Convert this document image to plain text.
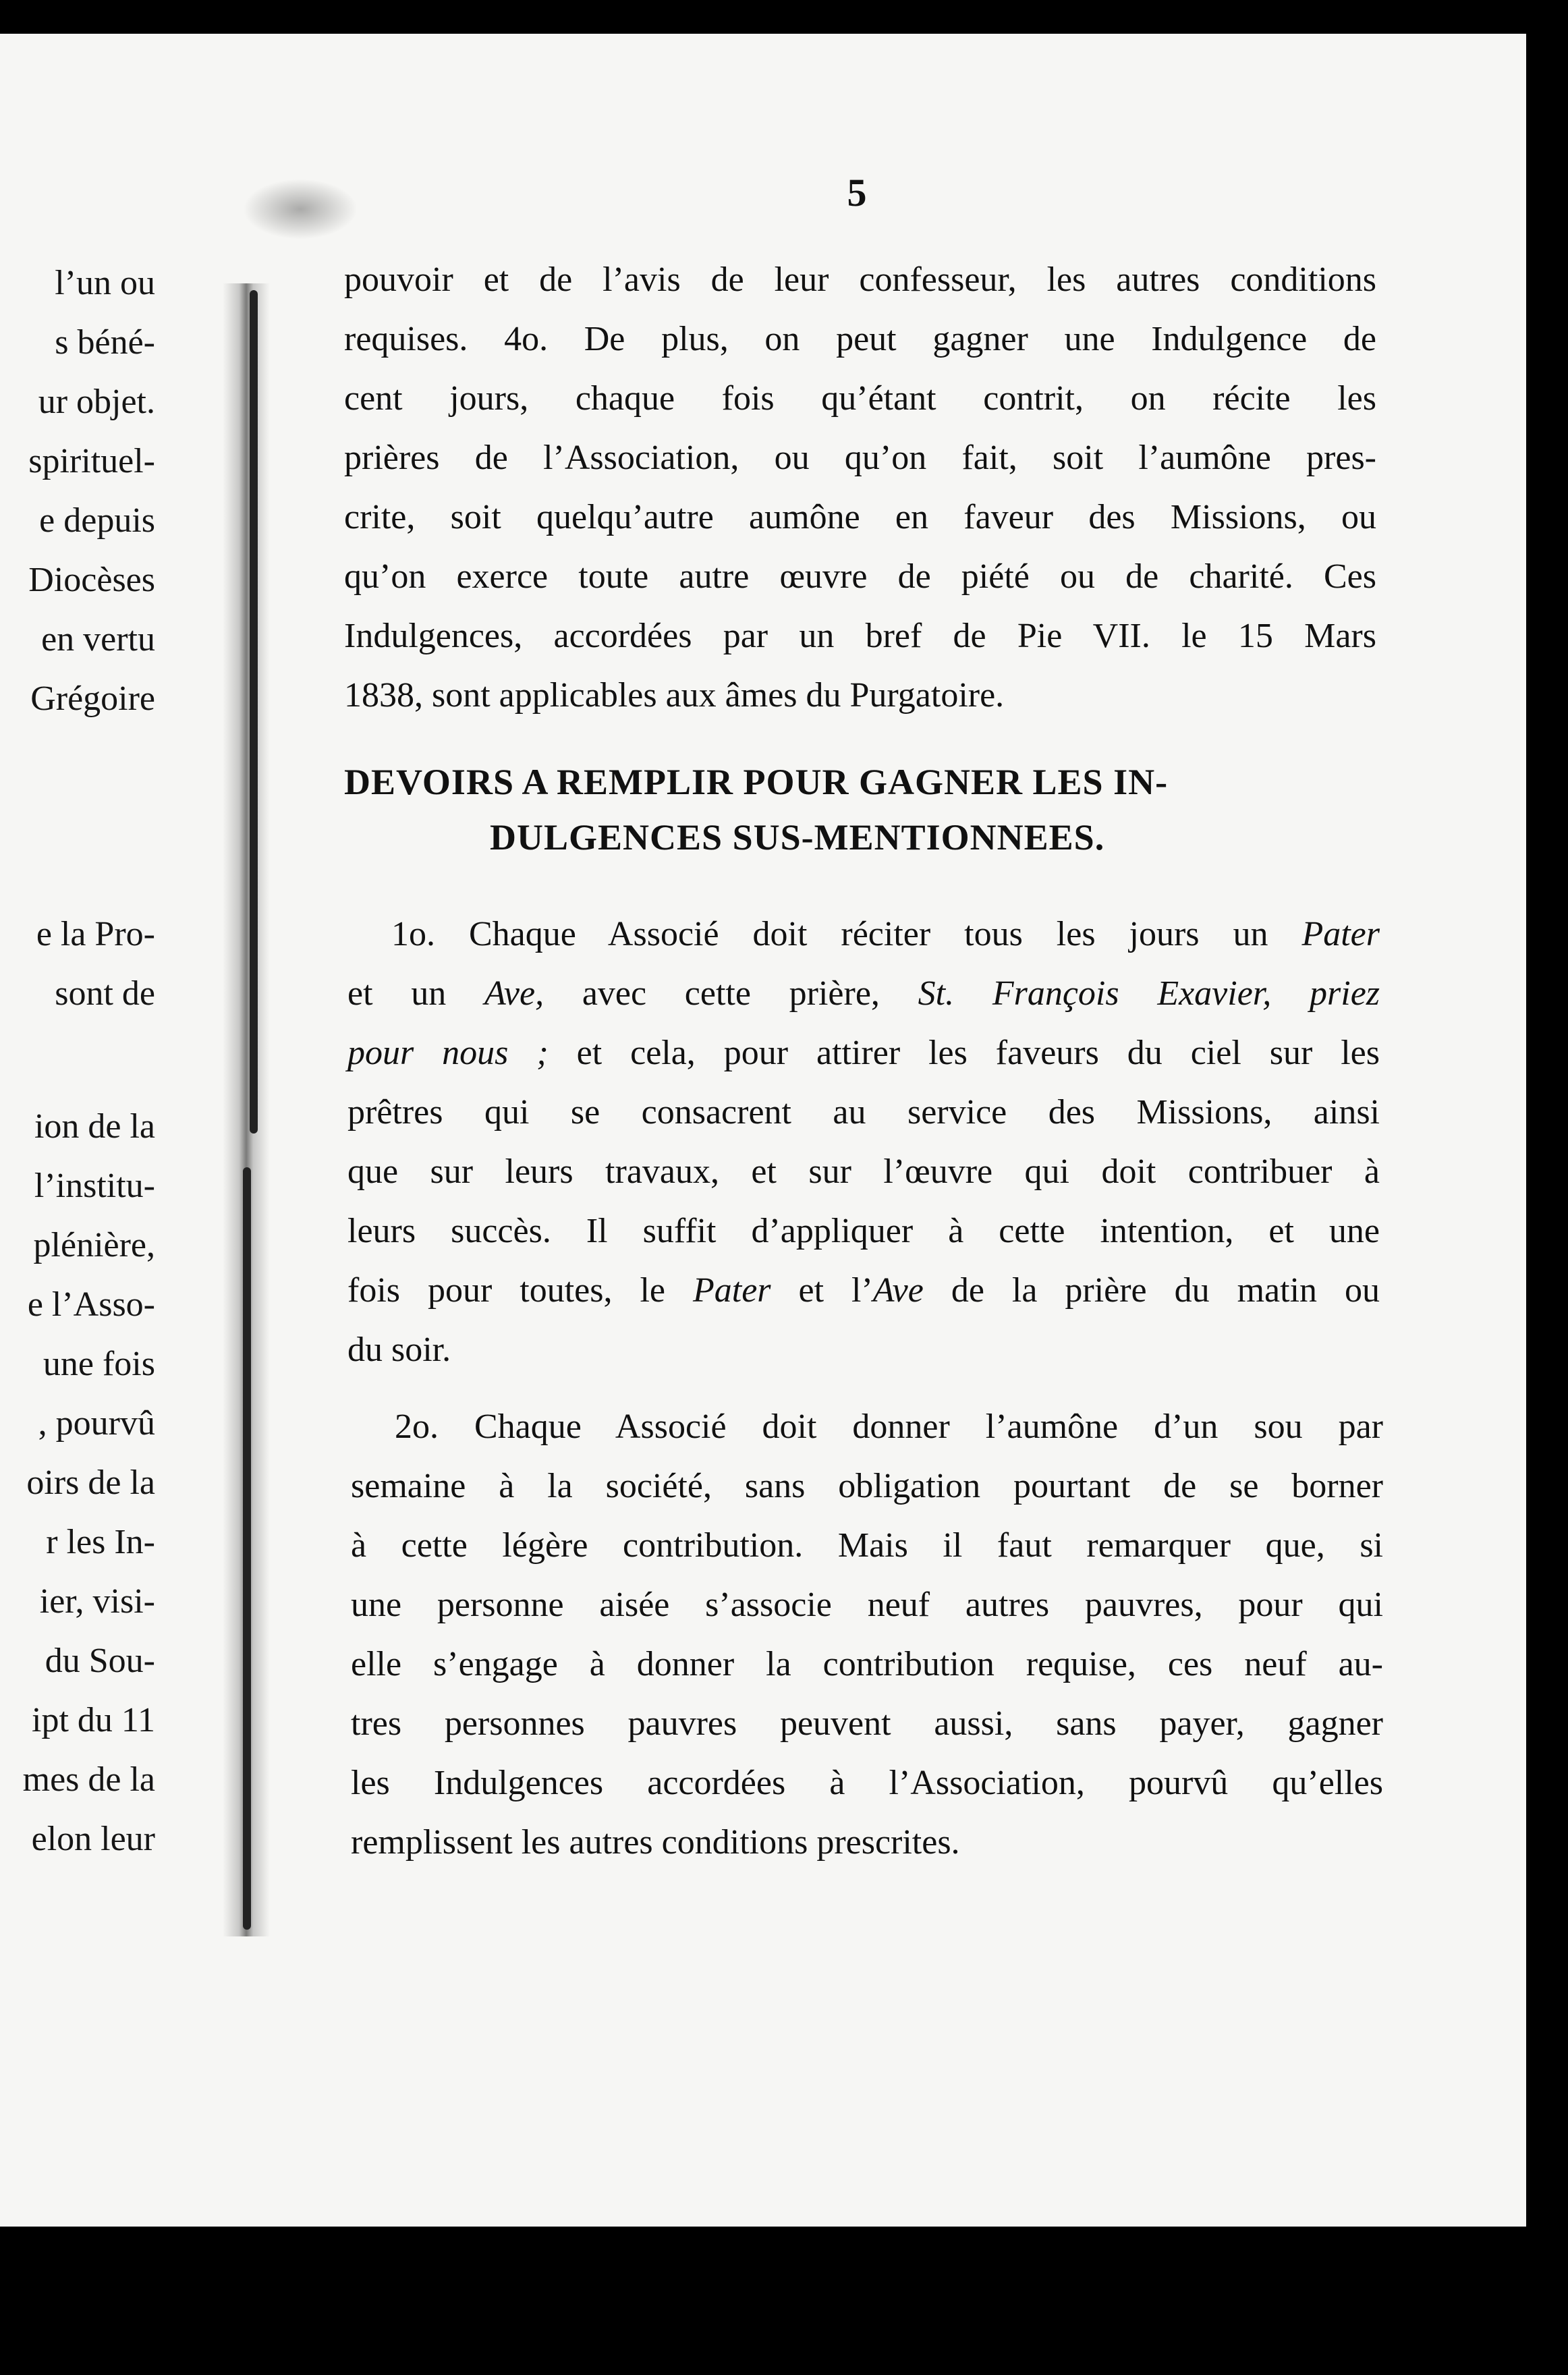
5
l’un ou
s béné-
ur objet.
spirituel-
e depuis
Diocèses
en vertu
Grégoire
e la Pro-
sont de
ion de la
l’institu-
plénière,
e l’Asso-
une fois
, pourvû
oirs de la
r les In-
ier, visi-
du Sou-
ipt du 11
mes de la
elon leur
pouvoir et de l’avis de leur confesseur, les autres conditions
requises. 4o. De plus, on peut gagner une Indulgence de
cent jours, chaque fois qu’étant contrit, on récite les
prières de l’Association, ou qu’on fait, soit l’aumône pres-
crite, soit quelqu’autre aumône en faveur des Missions, ou
qu’on exerce toute autre œuvre de piété ou de charité. Ces
Indulgences, accordées par un bref de Pie VII. le 15 Mars
1838, sont applicables aux âmes du Purgatoire.
DEVOIRS A REMPLIR POUR GAGNER LES IN-
DULGENCES SUS-MENTIONNEES.
1o. Chaque Associé doit réciter tous les jours un Pater
et un Ave, avec cette prière, St. François Exavier, priez
pour nous ; et cela, pour attirer les faveurs du ciel sur les
prêtres qui se consacrent au service des Missions, ainsi
que sur leurs travaux, et sur l’œuvre qui doit contribuer à
leurs succès. Il suffit d’appliquer à cette intention, et une
fois pour toutes, le Pater et l’Ave de la prière du matin ou
du soir.
2o. Chaque Associé doit donner l’aumône d’un sou par
semaine à la société, sans obligation pourtant de se borner
à cette légère contribution. Mais il faut remarquer que, si
une personne aisée s’associe neuf autres pauvres, pour qui
elle s’engage à donner la contribution requise, ces neuf au-
tres personnes pauvres peuvent aussi, sans payer, gagner
les Indulgences accordées à l’Association, pourvû qu’elles
remplissent les autres conditions prescrites.
